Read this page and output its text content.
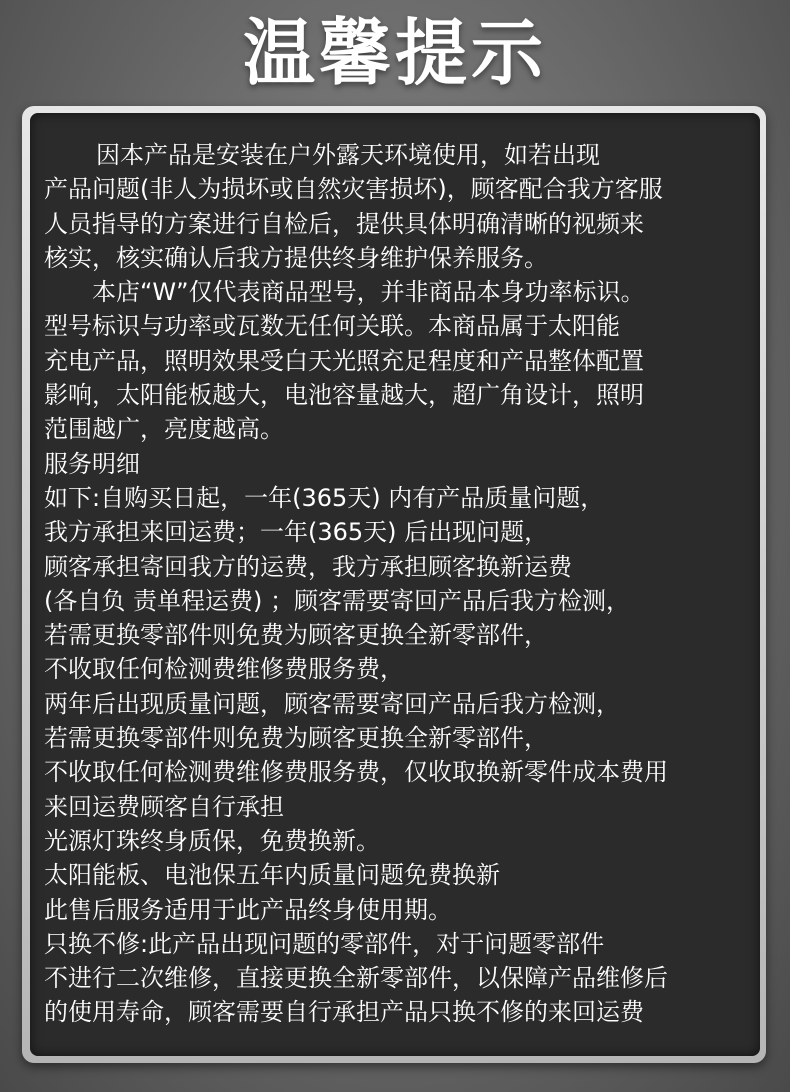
温馨提示
因本产品是安装在户外露天环境使用，如若出现
产品问题(非人为损坏或自然灾害损坏)，顾客配合我方客服
人员指导的方案进行自检后，提供具体明确清晰的视频来
核实，核实确认后我方提供终身维护保养服务。
本店“W”仅代表商品型号，并非商品本身功率标识。
型号标识与功率或瓦数无任何关联。本商品属于太阳能
充电产品，照明效果受白天光照充足程度和产品整体配置
影响，太阳能板越大，电池容量越大，超广角设计，照明
范围越广，亮度越高。
服务明细
如下:自购买日起，一年(365天) 内有产品质量问题，
我方承担来回运费；一年(365天) 后出现问题，
顾客承担寄回我方的运费，我方承担顾客换新运费
(各自负 责单程运费) ；顾客需要寄回产品后我方检测，
若需更换零部件则免费为顾客更换全新零部件，
不收取任何检测费维修费服务费，
两年后出现质量问题，顾客需要寄回产品后我方检测，
若需更换零部件则免费为顾客更换全新零部件，
不收取任何检测费维修费服务费，仅收取换新零件成本费用
来回运费顾客自行承担
光源灯珠终身质保，免费换新。
太阳能板、电池保五年内质量问题免费换新
此售后服务适用于此产品终身使用期。
只换不修:此产品出现问题的零部件，对于问题零部件
不进行二次维修，直接更换全新零部件，以保障产品维修后
的使用寿命，顾客需要自行承担产品只换不修的来回运费
